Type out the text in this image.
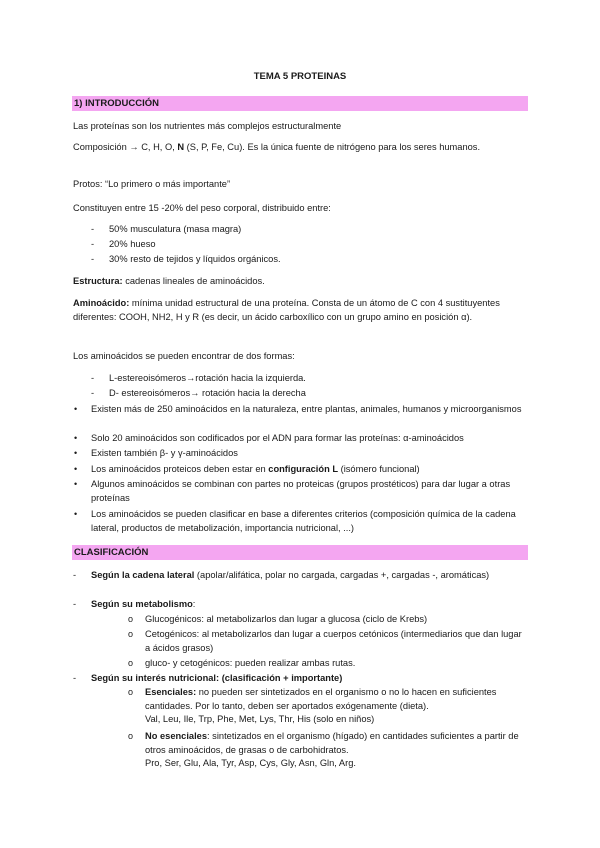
TEMA 5 PROTEINAS
1) INTRODUCCIÓN

Las proteínas son los nutrientes más complejos estructuralmente

Composición → C, H, O, N (S, P, Fe, Cu). Es la única fuente de nitrógeno para los seres humanos.

Protos: “Lo primero o más importante”

Constituyen entre 15 -20% del peso corporal, distribuido entre:

- 50% musculatura (masa magra)
- 20% hueso
- 30% resto de tejidos y líquidos orgánicos.

Estructura: cadenas lineales de aminoácidos.

Aminoácido: mínima unidad estructural de una proteína. Consta de un átomo de C con 4 sustituyentes diferentes: COOH, NH2, H y R (es decir, un ácido carboxílico con un grupo amino en posición α).

Los aminoácidos se pueden encontrar de dos formas:

- L-estereoisómeros→rotación hacia la izquierda.
- D- estereoisómeros→ rotación hacia la derecha
• Existen más de 250 aminoácidos en la naturaleza, entre plantas, animales, humanos y microorganismos
• Solo 20 aminoácidos son codificados por el ADN para formar las proteínas: α-aminoácidos
• Existen también β- y γ-aminoácidos
• Los aminoácidos proteicos deben estar en configuración L (isómero funcional)
• Algunos aminoácidos se combinan con partes no proteicas (grupos prostéticos) para dar lugar a otras proteínas
• Los aminoácidos se pueden clasificar en base a diferentes criterios (composición química de la cadena lateral, productos de metabolización, importancia nutricional, ...)
CLASIFICACIÓN
- Según la cadena lateral (apolar/alifática, polar no cargada, cargadas +, cargadas -, aromáticas)
- Según su metabolismo:
o Glucogénicos: al metabolizarlos dan lugar a glucosa (ciclo de Krebs)
o Cetogénicos: al metabolizarlos dan lugar a cuerpos cetónicos (intermediarios que dan lugar a ácidos grasos)
o gluco- y cetogénicos: pueden realizar ambas rutas.
- Según su interés nutricional: (clasificación + importante)
o Esenciales: no pueden ser sintetizados en el organismo o no lo hacen en suficientes cantidades. Por lo tanto, deben ser aportados exógenamente (dieta).
Val, Leu, Ile, Trp, Phe, Met, Lys, Thr, His (solo en niños)
o No esenciales: sintetizados en el organismo (hígado) en cantidades suficientes a partir de otros aminoácidos, de grasas o de carbohidratos.
Pro, Ser, Glu, Ala, Tyr, Asp, Cys, Gly, Asn, Gln, Arg.
